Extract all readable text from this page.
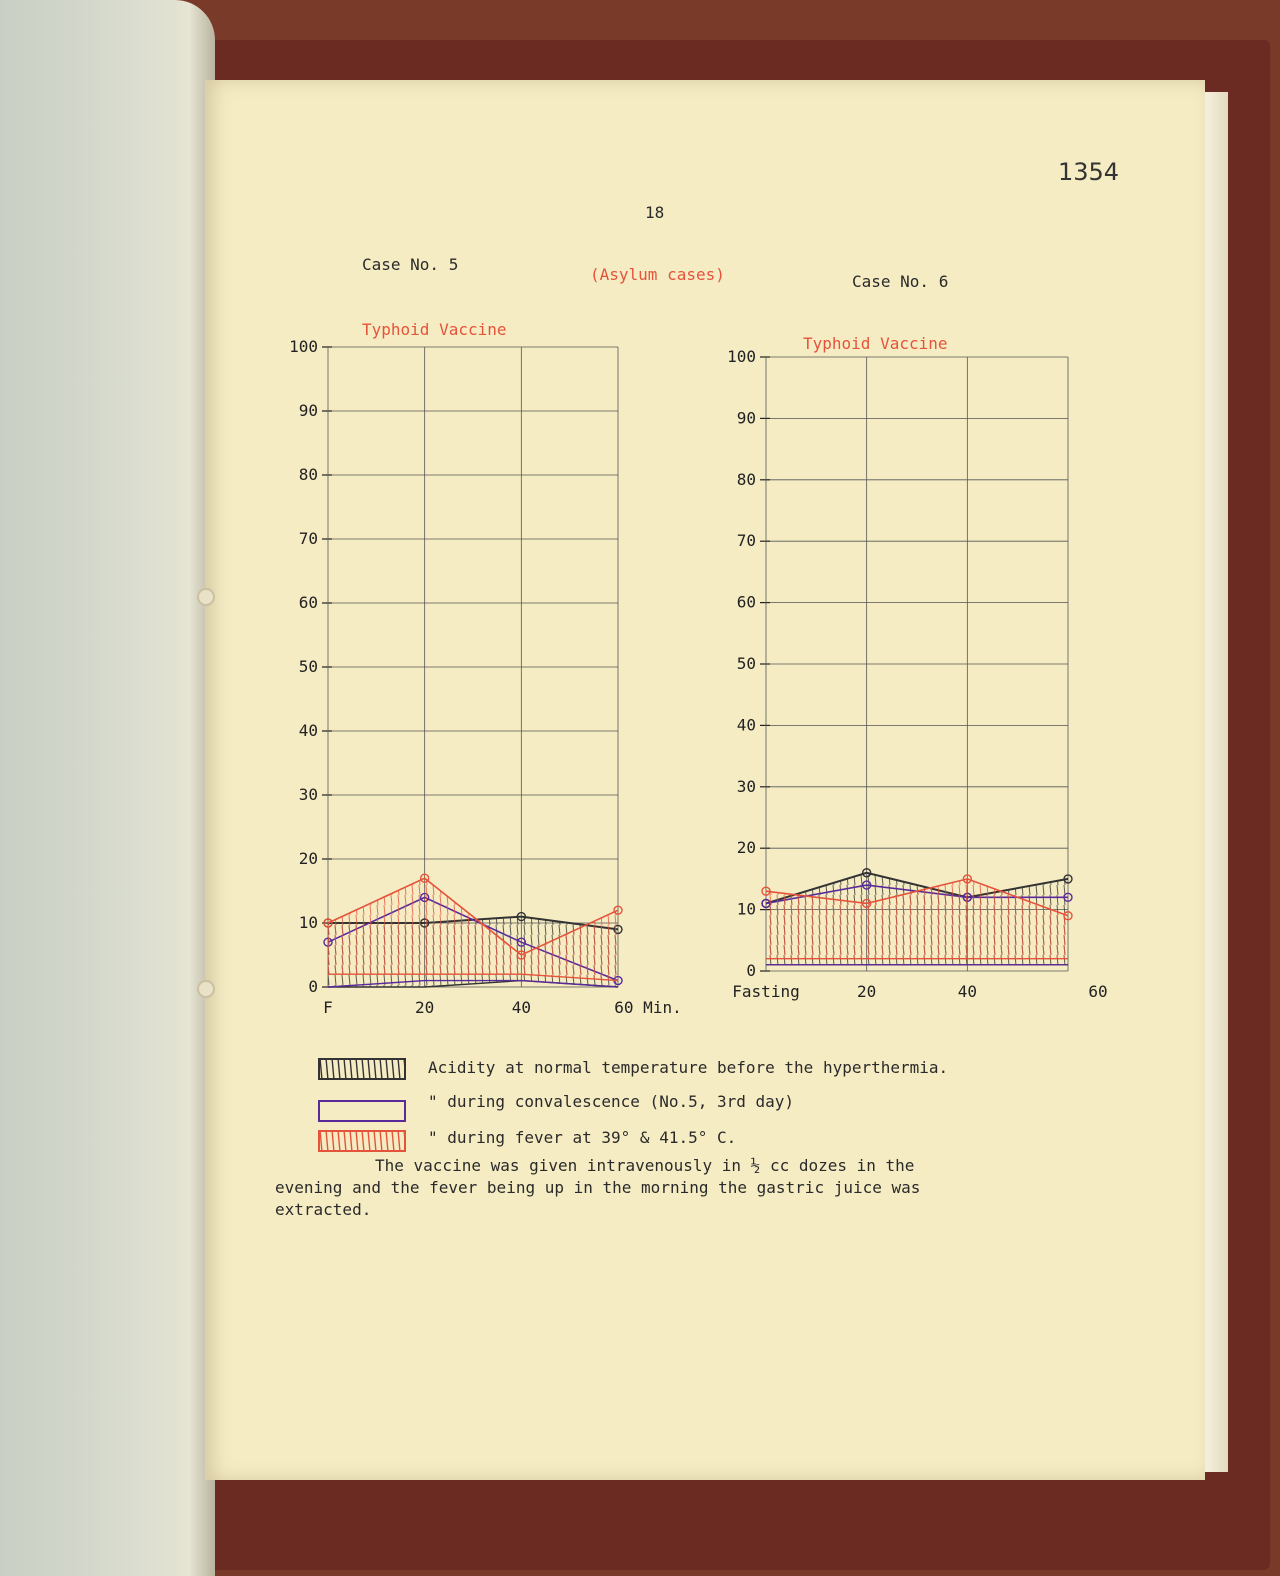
1354
18
Case No. 5
(Asylum cases)	Case No. 6
Typhoid Vaccine
Typhoid Vaccine
0
10
20
30
40
50
60
70
80
90
100
F	20	40	60 Min.
0
10
20
30
40
50
60
70
80
90
100
Fasting	20	40	60
Acidity at normal temperature before the hyperthermia.
" during convalescence (No.5, 3rd day)
" during fever at 39° & 41.5° C.
The vaccine was given intravenously in ½ cc dozes in the
evening and the fever being up in the morning the gastric juice was
extracted.
